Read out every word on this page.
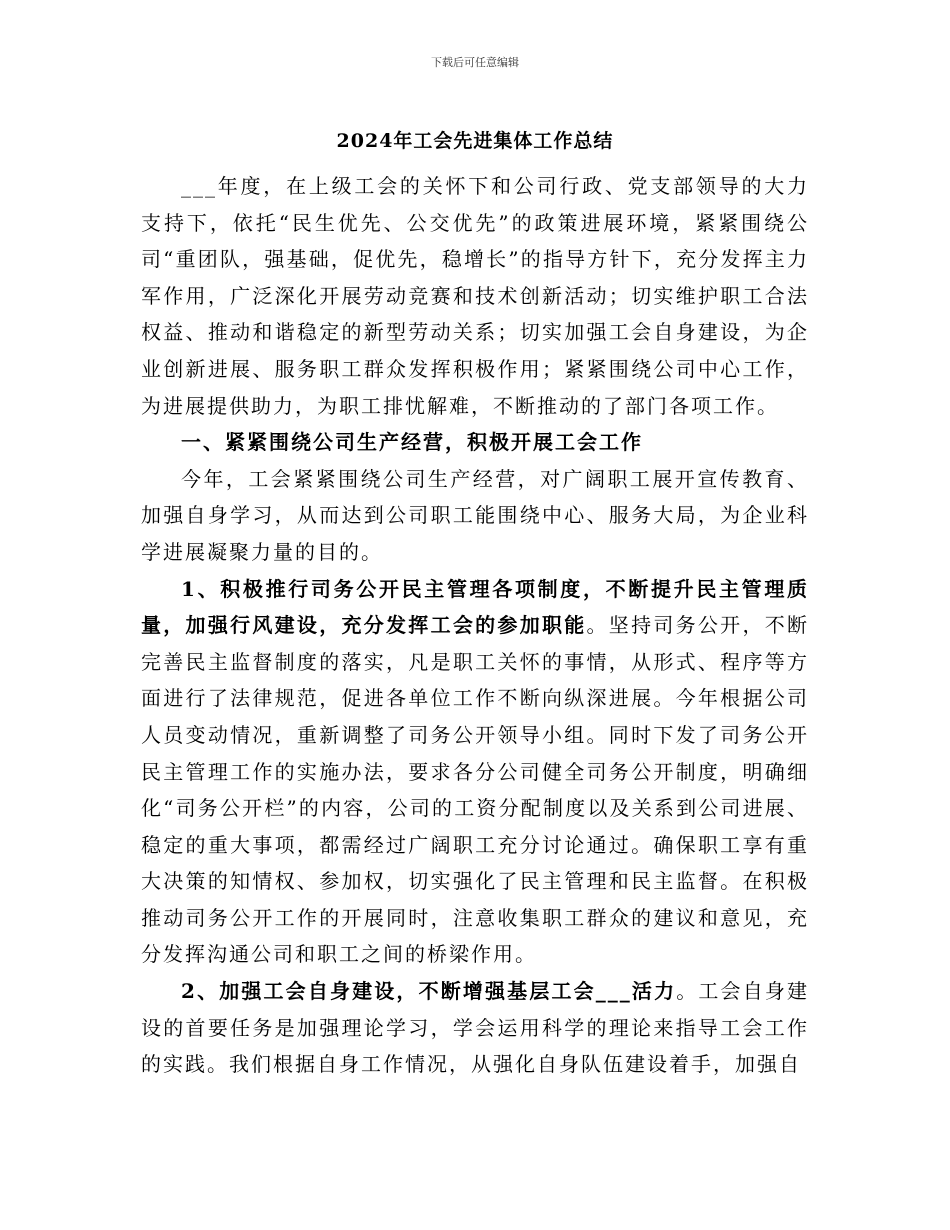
下载后可任意编辑
2024年工会先进集体工作总结

___年度，在上级工会的关怀下和公司行政、党支部领导的大力支持下，依托“民生优先、公交优先”的政策进展环境，紧紧围绕公司“重团队，强基础，促优先，稳增长”的指导方针下，充分发挥主力军作用，广泛深化开展劳动竞赛和技术创新活动；切实维护职工合法权益、推动和谐稳定的新型劳动关系；切实加强工会自身建设，为企业创新进展、服务职工群众发挥积极作用；紧紧围绕公司中心工作，为进展提供助力，为职工排忧解难，不断推动的了部门各项工作。

一、紧紧围绕公司生产经营，积极开展工会工作

今年，工会紧紧围绕公司生产经营，对广阔职工展开宣传教育、加强自身学习，从而达到公司职工能围绕中心、服务大局，为企业科学进展凝聚力量的目的。

1、积极推行司务公开民主管理各项制度，不断提升民主管理质量，加强行风建设，充分发挥工会的参加职能。坚持司务公开，不断完善民主监督制度的落实，凡是职工关怀的事情，从形式、程序等方面进行了法律规范，促进各单位工作不断向纵深进展。今年根据公司人员变动情况，重新调整了司务公开领导小组。同时下发了司务公开民主管理工作的实施办法，要求各分公司健全司务公开制度，明确细化“司务公开栏”的内容，公司的工资分配制度以及关系到公司进展、稳定的重大事项，都需经过广阔职工充分讨论通过。确保职工享有重大决策的知情权、参加权，切实强化了民主管理和民主监督。在积极推动司务公开工作的开展同时，注意收集职工群众的建议和意见，充分发挥沟通公司和职工之间的桥梁作用。

2、加强工会自身建设，不断增强基层工会___活力。工会自身建设的首要任务是加强理论学习，学会运用科学的理论来指导工会工作的实践。我们根据自身工作情况，从强化自身队伍建设着手，加强自
